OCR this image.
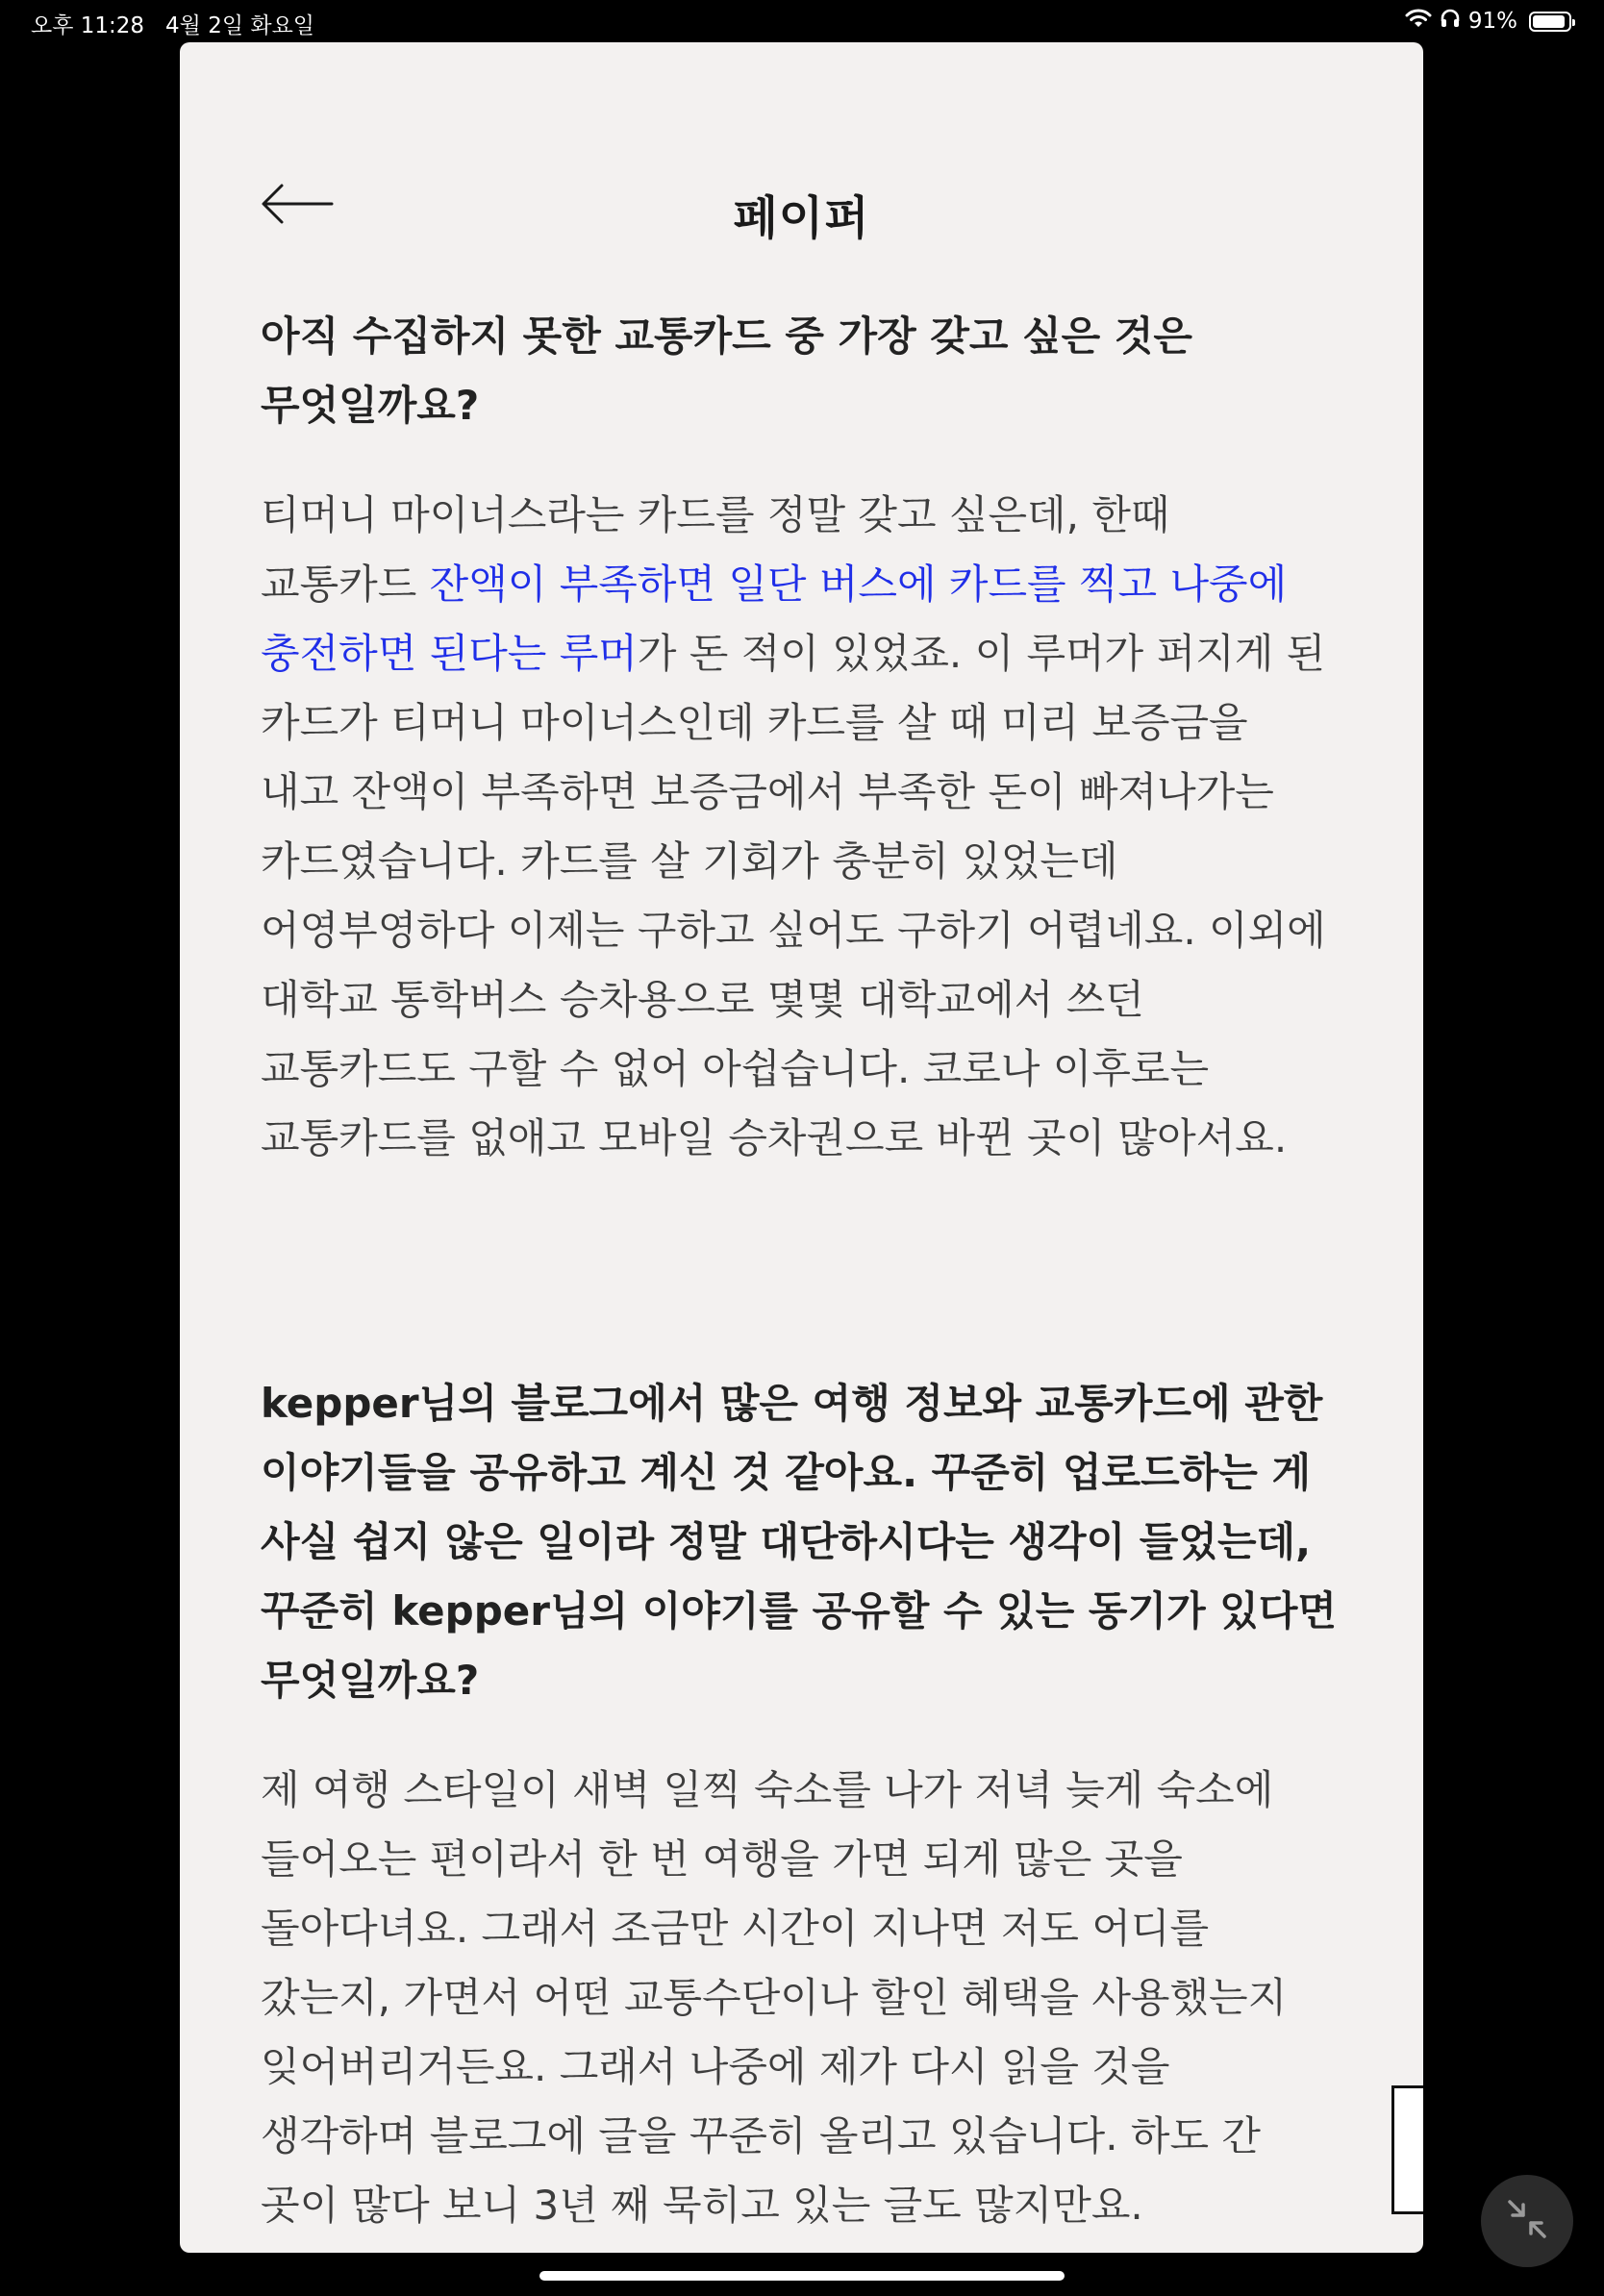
오후 11:28 4월 2일 화요일	91%
페이퍼

아직 수집하지 못한 교통카드 중 가장 갖고 싶은 것은 무엇일까요?

티머니 마이너스라는 카드를 정말 갖고 싶은데, 한때 교통카드 잔액이 부족하면 일단 버스에 카드를 찍고 나중에 충전하면 된다는 루머가 돈 적이 있었죠. 이 루머가 퍼지게 된 카드가 티머니 마이너스인데 카드를 살 때 미리 보증금을 내고 잔액이 부족하면 보증금에서 부족한 돈이 빠져나가는 카드였습니다. 카드를 살 기회가 충분히 있었는데 어영부영하다 이제는 구하고 싶어도 구하기 어렵네요. 이외에 대학교 통학버스 승차용으로 몇몇 대학교에서 쓰던 교통카드도 구할 수 없어 아쉽습니다. 코로나 이후로는 교통카드를 없애고 모바일 승차권으로 바뀐 곳이 많아서요.

kepper님의 블로그에서 많은 여행 정보와 교통카드에 관한 이야기들을 공유하고 계신 것 같아요. 꾸준히 업로드하는 게 사실 쉽지 않은 일이라 정말 대단하시다는 생각이 들었는데, 꾸준히 kepper님의 이야기를 공유할 수 있는 동기가 있다면 무엇일까요?

제 여행 스타일이 새벽 일찍 숙소를 나가 저녁 늦게 숙소에 들어오는 편이라서 한 번 여행을 가면 되게 많은 곳을 돌아다녀요. 그래서 조금만 시간이 지나면 저도 어디를 갔는지, 가면서 어떤 교통수단이나 할인 혜택을 사용했는지 잊어버리거든요. 그래서 나중에 제가 다시 읽을 것을 생각하며 블로그에 글을 꾸준히 올리고 있습니다. 하도 간 곳이 많다 보니 3년 째 묵히고 있는 글도 많지만요.
